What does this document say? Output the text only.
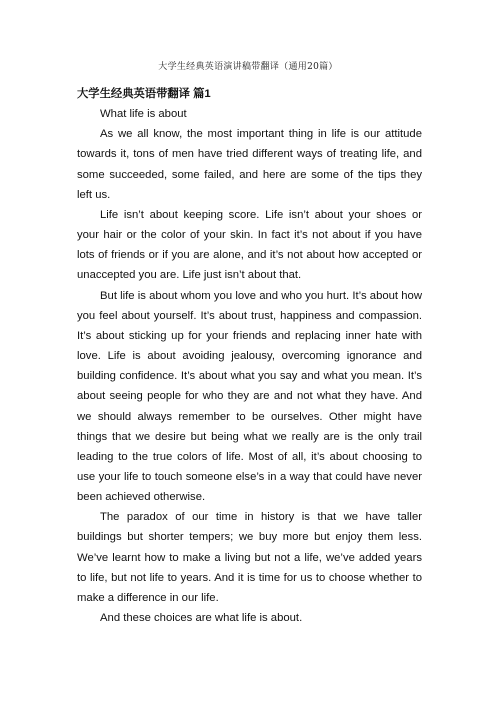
大学生经典英语演讲稿带翻译（通用20篇）

大学生经典英语带翻译 篇1

What life is about

As we all know, the most important thing in life is our attitude towards it, tons of men have tried different ways of treating life, and some succeeded, some failed, and here are some of the tips they left us.

Life isn’t about keeping score. Life isn’t about your shoes or your hair or the color of your skin. In fact it’s not about if you have lots of friends or if you are alone, and it’s not about how accepted or unaccepted you are. Life just isn’t about that.

But life is about whom you love and who you hurt. It’s about how you feel about yourself. It’s about trust, happiness and compassion. It’s about sticking up for your friends and replacing inner hate with love. Life is about avoiding jealousy, overcoming ignorance and building confidence. It’s about what you say and what you mean. It’s about seeing people for who they are and not what they have. And we should always remember to be ourselves. Other might have things that we desire but being what we really are is the only trail leading to the true colors of life. Most of all, it’s about choosing to use your life to touch someone else’s in a way that could have never been achieved otherwise.

The paradox of our time in history is that we have taller buildings but shorter tempers; we buy more but enjoy them less. We’ve learnt how to make a living but not a life, we’ve added years to life, but not life to years. And it is time for us to choose whether to make a difference in our life.

And these choices are what life is about.
